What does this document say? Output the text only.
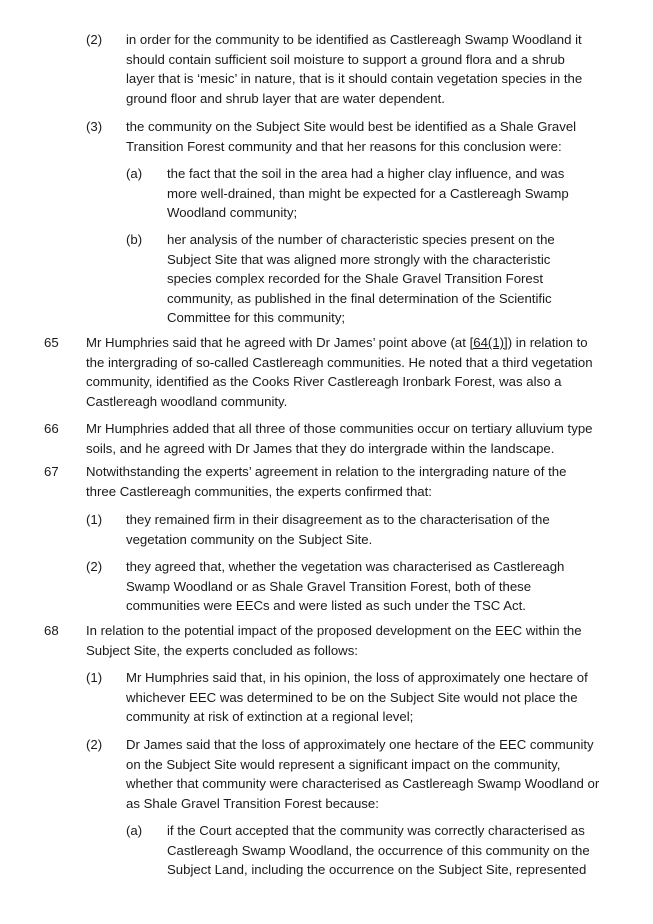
(2) in order for the community to be identified as Castlereagh Swamp Woodland it should contain sufficient soil moisture to support a ground flora and a shrub layer that is ‘mesic’ in nature, that is it should contain vegetation species in the ground floor and shrub layer that are water dependent.
(3) the community on the Subject Site would best be identified as a Shale Gravel Transition Forest community and that her reasons for this conclusion were:
(a) the fact that the soil in the area had a higher clay influence, and was more well-drained, than might be expected for a Castlereagh Swamp Woodland community;
(b) her analysis of the number of characteristic species present on the Subject Site that was aligned more strongly with the characteristic species complex recorded for the Shale Gravel Transition Forest community, as published in the final determination of the Scientific Committee for this community;
65 Mr Humphries said that he agreed with Dr James’ point above (at [64(1)]) in relation to the intergrading of so-called Castlereagh communities. He noted that a third vegetation community, identified as the Cooks River Castlereagh Ironbark Forest, was also a Castlereagh woodland community.
66 Mr Humphries added that all three of those communities occur on tertiary alluvium type soils, and he agreed with Dr James that they do intergrade within the landscape.
67 Notwithstanding the experts’ agreement in relation to the intergrading nature of the three Castlereagh communities, the experts confirmed that:
(1) they remained firm in their disagreement as to the characterisation of the vegetation community on the Subject Site.
(2) they agreed that, whether the vegetation was characterised as Castlereagh Swamp Woodland or as Shale Gravel Transition Forest, both of these communities were EECs and were listed as such under the TSC Act.
68 In relation to the potential impact of the proposed development on the EEC within the Subject Site, the experts concluded as follows:
(1) Mr Humphries said that, in his opinion, the loss of approximately one hectare of whichever EEC was determined to be on the Subject Site would not place the community at risk of extinction at a regional level;
(2) Dr James said that the loss of approximately one hectare of the EEC community on the Subject Site would represent a significant impact on the community, whether that community were characterised as Castlereagh Swamp Woodland or as Shale Gravel Transition Forest because:
(a) if the Court accepted that the community was correctly characterised as Castlereagh Swamp Woodland, the occurrence of this community on the Subject Land, including the occurrence on the Subject Site, represented
